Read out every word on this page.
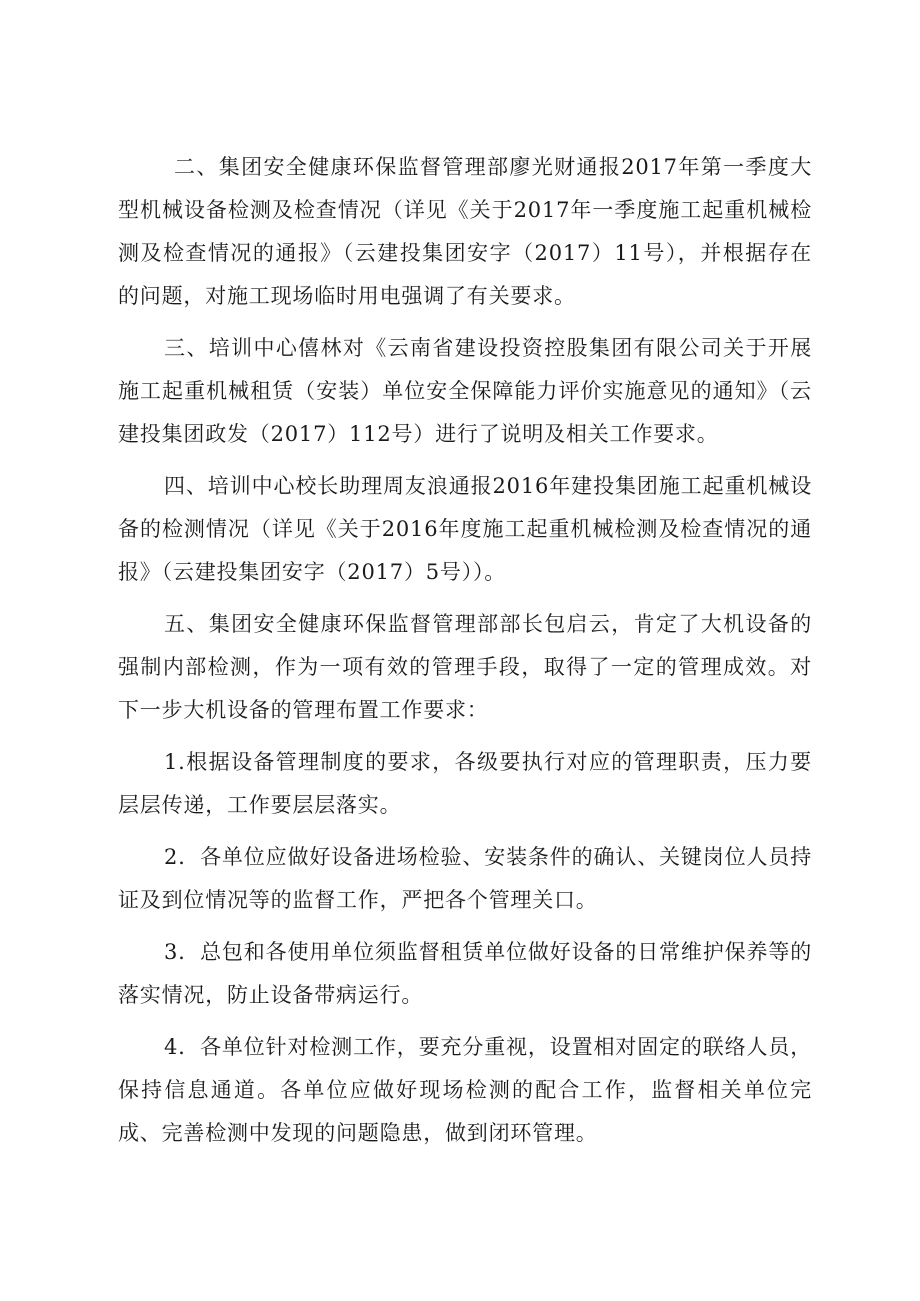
二、集团安全健康环保监督管理部廖光财通报2017年第一季度大型机械设备检测及检查情况（详见《关于2017年一季度施工起重机械检测及检查情况的通报》（云建投集团安字（2017）11号），并根据存在的问题，对施工现场临时用电强调了有关要求。

三、培训中心僖林对《云南省建设投资控股集团有限公司关于开展施工起重机械租赁（安装）单位安全保障能力评价实施意见的通知》（云建投集团政发（2017）112号）进行了说明及相关工作要求。

四、培训中心校长助理周友浪通报2016年建投集团施工起重机械设备的检测情况（详见《关于2016年度施工起重机械检测及检查情况的通报》（云建投集团安字（2017）5号））。

五、集团安全健康环保监督管理部部长包启云，肯定了大机设备的强制内部检测，作为一项有效的管理手段，取得了一定的管理成效。对下一步大机设备的管理布置工作要求：

1.根据设备管理制度的要求，各级要执行对应的管理职责，压力要层层传递，工作要层层落实。

2．各单位应做好设备进场检验、安装条件的确认、关键岗位人员持证及到位情况等的监督工作，严把各个管理关口。

3．总包和各使用单位须监督租赁单位做好设备的日常维护保养等的落实情况，防止设备带病运行。

4．各单位针对检测工作，要充分重视，设置相对固定的联络人员，保持信息通道。各单位应做好现场检测的配合工作，监督相关单位完成、完善检测中发现的问题隐患，做到闭环管理。
